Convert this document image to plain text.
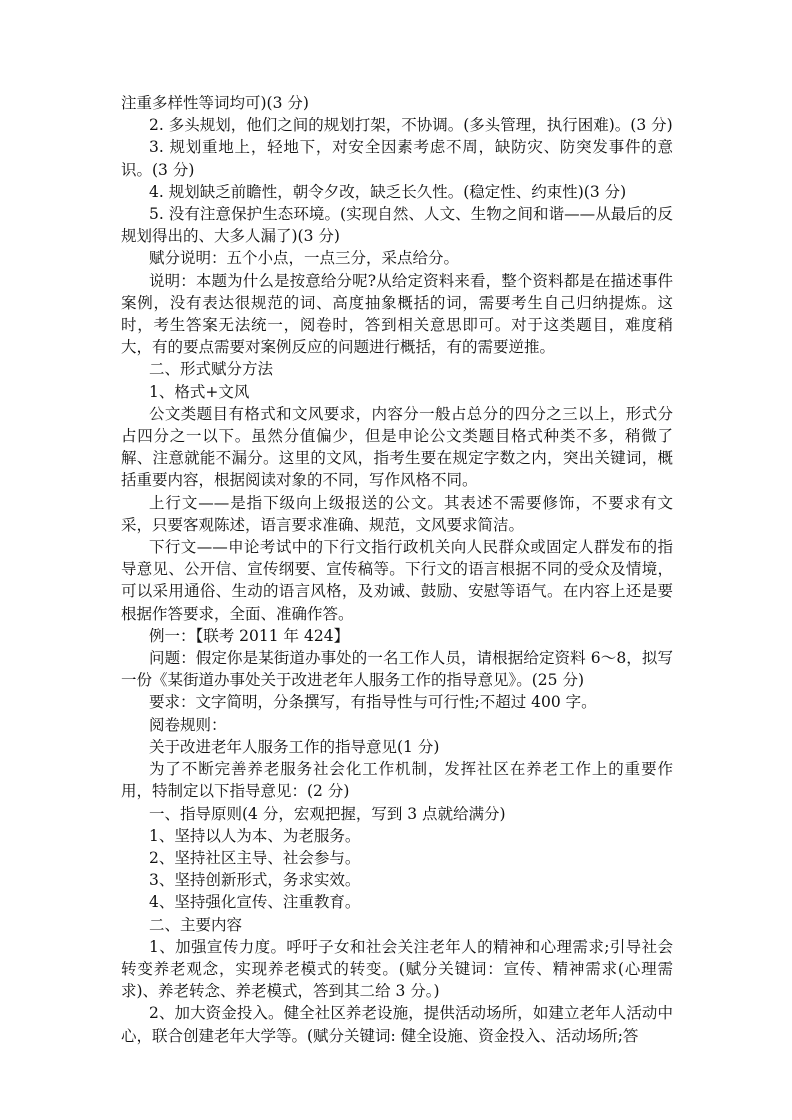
注重多样性等词均可)(3 分)

2. 多头规划，他们之间的规划打架，不协调。(多头管理，执行困难)。(3 分)

3. 规划重地上，轻地下，对安全因素考虑不周，缺防灾、防突发事件的意识。(3 分)

4. 规划缺乏前瞻性，朝令夕改，缺乏长久性。(稳定性、约束性)(3 分)

5. 没有注意保护生态环境。(实现自然、人文、生物之间和谐——从最后的反规划得出的、大多人漏了)(3 分)

赋分说明：五个小点，一点三分，采点给分。

说明：本题为什么是按意给分呢?从给定资料来看，整个资料都是在描述事件案例，没有表达很规范的词、高度抽象概括的词，需要考生自己归纳提炼。这时，考生答案无法统一，阅卷时，答到相关意思即可。对于这类题目，难度稍大，有的要点需要对案例反应的问题进行概括，有的需要逆推。

二、形式赋分方法

1、格式+文风

公文类题目有格式和文风要求，内容分一般占总分的四分之三以上，形式分占四分之一以下。虽然分值偏少，但是申论公文类题目格式种类不多，稍微了解、注意就能不漏分。这里的文风，指考生要在规定字数之内，突出关键词，概括重要内容，根据阅读对象的不同，写作风格不同。

上行文——是指下级向上级报送的公文。其表述不需要修饰，不要求有文采，只要客观陈述，语言要求准确、规范，文风要求简洁。

下行文——申论考试中的下行文指行政机关向人民群众或固定人群发布的指导意见、公开信、宣传纲要、宣传稿等。下行文的语言根据不同的受众及情境，可以采用通俗、生动的语言风格，及劝诫、鼓励、安慰等语气。在内容上还是要根据作答要求，全面、准确作答。

例一：【联考 2011 年 424】

问题：假定你是某街道办事处的一名工作人员，请根据给定资料 6～8，拟写一份《某街道办事处关于改进老年人服务工作的指导意见》。(25 分)

要求：文字简明，分条撰写，有指导性与可行性;不超过 400 字。

阅卷规则：

关于改进老年人服务工作的指导意见(1 分)

为了不断完善养老服务社会化工作机制，发挥社区在养老工作上的重要作用，特制定以下指导意见：(2 分)

一、指导原则(4 分，宏观把握，写到 3 点就给满分)

1、坚持以人为本、为老服务。

2、坚持社区主导、社会参与。

3、坚持创新形式，务求实效。

4、坚持强化宣传、注重教育。

二、主要内容

1、加强宣传力度。呼吁子女和社会关注老年人的精神和心理需求;引导社会转变养老观念，实现养老模式的转变。(赋分关键词：宣传、精神需求(心理需求)、养老转念、养老模式，答到其二给 3 分。)

2、加大资金投入。健全社区养老设施，提供活动场所，如建立老年人活动中心，联合创建老年大学等。(赋分关键词: 健全设施、资金投入、活动场所;答
